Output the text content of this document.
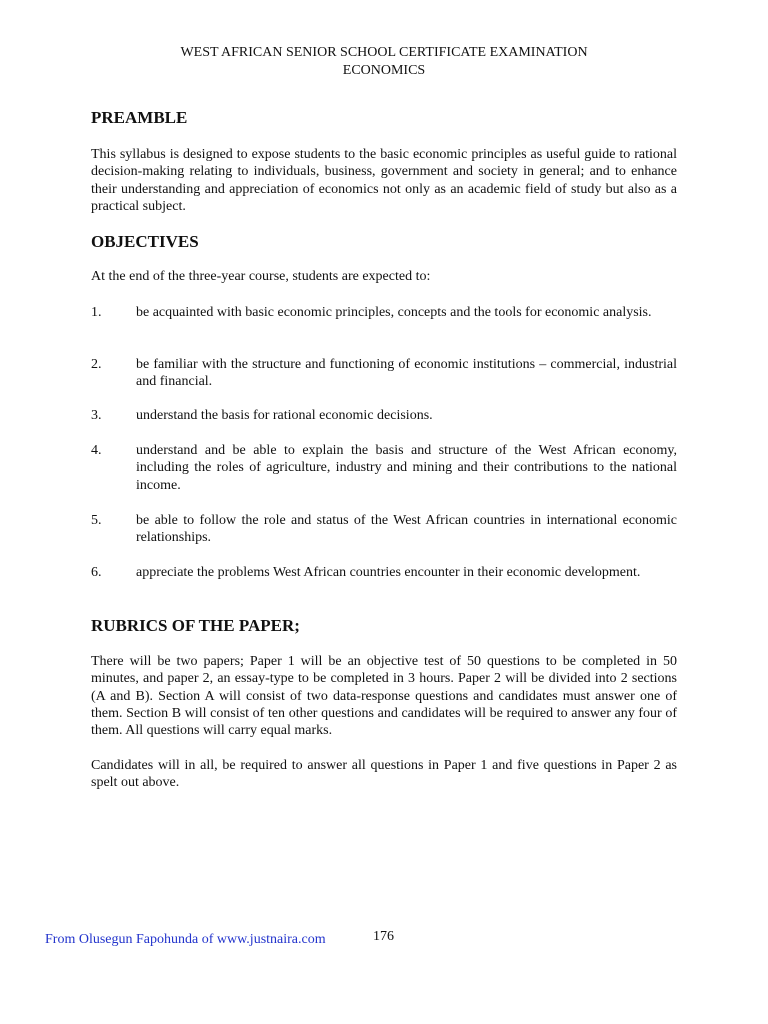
WEST AFRICAN SENIOR SCHOOL CERTIFICATE EXAMINATION
ECONOMICS
PREAMBLE

This syllabus is designed to expose students to the basic economic principles as useful guide to rational decision-making relating to individuals, business, government and society in general; and to enhance their understanding and appreciation of economics not only as an academic field of study but also as a practical subject.

OBJECTIVES

At the end of the three-year course, students are expected to:

1.	be acquainted with basic economic principles, concepts and the tools for economic analysis.
2.	be familiar with the structure and functioning of economic institutions – commercial, industrial and financial.
3.	understand the basis for rational economic decisions.
4.	understand and be able to explain the basis and structure of the West African economy, including the roles of agriculture, industry and mining and their contributions to the national income.
5.	be able to follow the role and status of the West African countries in international economic relationships.
6.	appreciate the problems West African countries encounter in their economic development.
RUBRICS OF THE PAPER;

There will be two papers; Paper 1 will be an objective test of 50 questions to be completed in 50 minutes, and paper 2, an essay-type to be completed in 3 hours. Paper 2 will be divided into 2 sections (A and B). Section A will consist of two data-response questions and candidates must answer one of them. Section B will consist of ten other questions and candidates will be required to answer any four of them. All questions will carry equal marks.

Candidates will in all, be required to answer all questions in Paper 1 and five questions in Paper 2 as spelt out above.

From Olusegun Fapohunda of www.justnaira.com	176
